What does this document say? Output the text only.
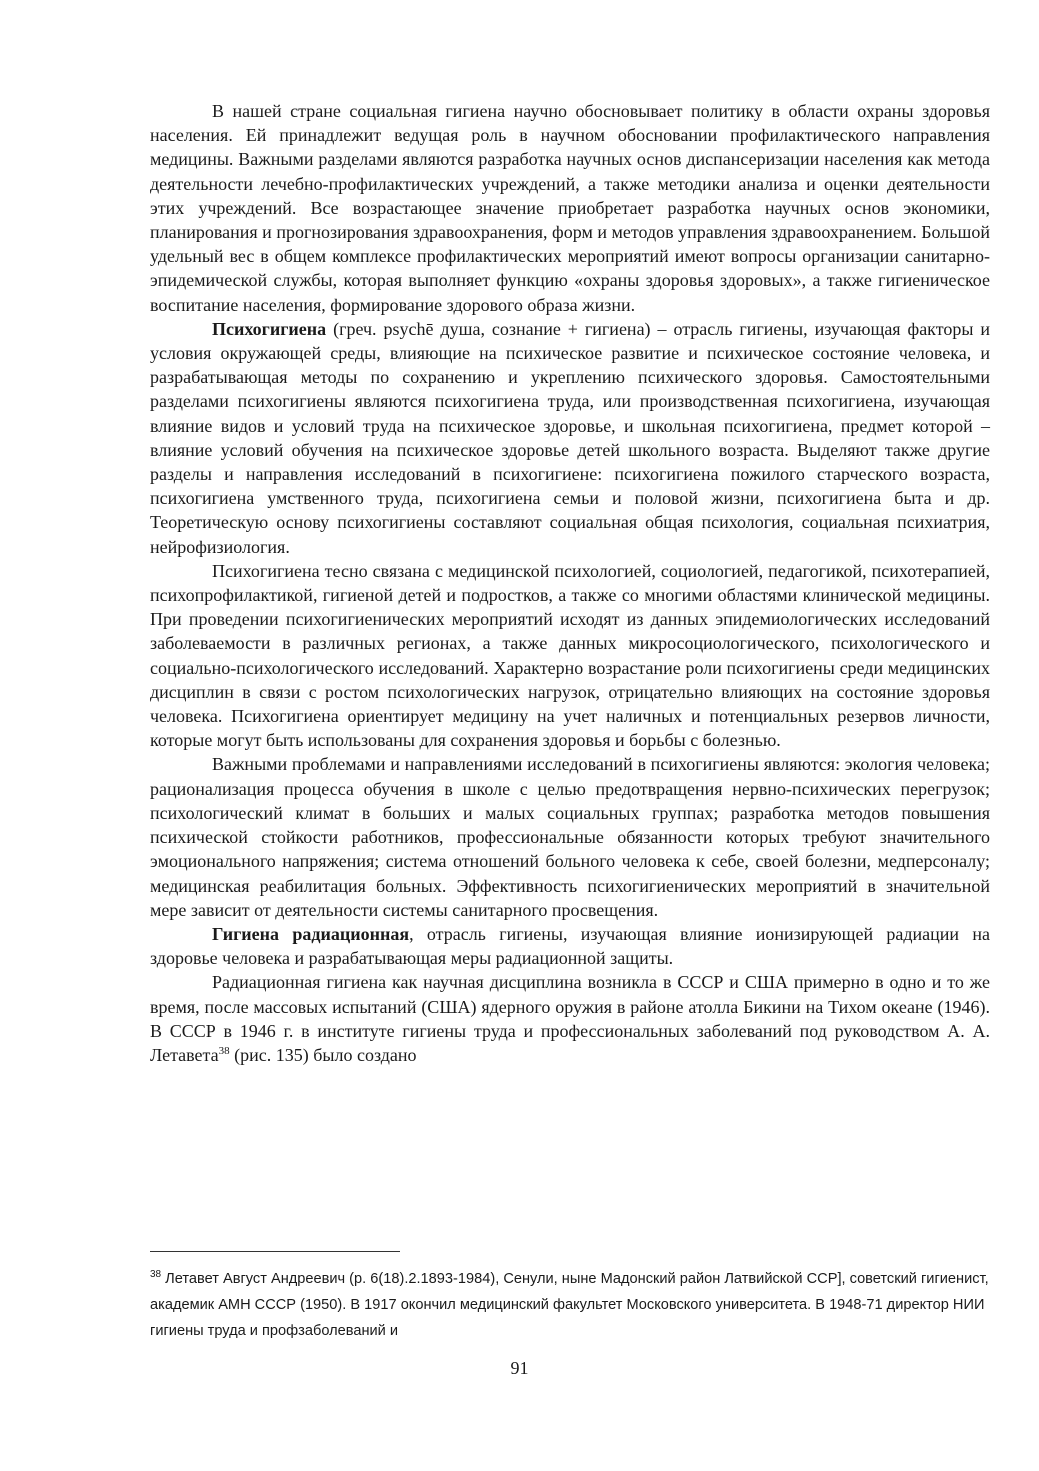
В нашей стране социальная гигиена научно обосновывает политику в области охраны здоровья населения. Ей принадлежит ведущая роль в научном обосновании профилактического направления медицины. Важными разделами являются разработка научных основ диспансеризации населения как метода деятельности лечебно-профилактических учреждений, а также методики анализа и оценки деятельности этих учреждений. Все возрастающее значение приобретает разработка научных основ экономики, планирования и прогнозирования здравоохранения, форм и методов управления здравоохранением. Большой удельный вес в общем комплексе профилактических мероприятий имеют вопросы организации санитарно-эпидемической службы, которая выполняет функцию «охраны здоровья здоровых», а также гигиеническое воспитание населения, формирование здорового образа жизни.

Психогигиена (греч. psychē душа, сознание + гигиена) – отрасль гигиены, изучающая факторы и условия окружающей среды, влияющие на психическое развитие и психическое состояние человека, и разрабатывающая методы по сохранению и укреплению психического здоровья. Самостоятельными разделами психогигиены являются психогигиена труда, или производственная психогигиена, изучающая влияние видов и условий труда на психическое здоровье, и школьная психогигиена, предмет которой – влияние условий обучения на психическое здоровье детей школьного возраста. Выделяют также другие разделы и направления исследований в психогигиене: психогигиена пожилого старческого возраста, психогигиена умственного труда, психогигиена семьи и половой жизни, психогигиена быта и др. Теоретическую основу психогигиены составляют социальная общая психология, социальная психиатрия, нейрофизиология.

Психогигиена тесно связана с медицинской психологией, социологией, педагогикой, психотерапией, психопрофилактикой, гигиеной детей и подростков, а также со многими областями клинической медицины. При проведении психогигиенических мероприятий исходят из данных эпидемиологических исследований заболеваемости в различных регионах, а также данных микросоциологического, психологического и социально-психологического исследований. Характерно возрастание роли психогигиены среди медицинских дисциплин в связи с ростом психологических нагрузок, отрицательно влияющих на состояние здоровья человека. Психогигиена ориентирует медицину на учет наличных и потенциальных резервов личности, которые могут быть использованы для сохранения здоровья и борьбы с болезнью.

Важными проблемами и направлениями исследований в психогигиены являются: экология человека; рационализация процесса обучения в школе с целью предотвращения нервно-психических перегрузок; психологический климат в больших и малых социальных группах; разработка методов повышения психической стойкости работников, профессиональные обязанности которых требуют значительного эмоционального напряжения; система отношений больного человека к себе, своей болезни, медперсоналу; медицинская реабилитация больных. Эффективность психогигиенических мероприятий в значительной мере зависит от деятельности системы санитарного просвещения.

Гигиена радиационная, отрасль гигиены, изучающая влияние ионизирующей радиации на здоровье человека и разрабатывающая меры радиационной защиты.

Радиационная гигиена как научная дисциплина возникла в СССР и США примерно в одно и то же время, после массовых испытаний (США) ядерного оружия в районе атолла Бикини на Тихом океане (1946). В СССР в 1946 г. в институте гигиены труда и профессиональных заболеваний под руководством А. А. Летавета$^{38}$ (рис. 135) было создано

$^{38}$ Летавет Август Андреевич (р. 6(18).2.1893-1984), Сенули, ныне Мадонский район Латвийской ССР], советский гигиенист, академик АМН СССР (1950). В 1917 окончил медицинский факультет Московского университета. В 1948-71 директор НИИ гигиены труда и профзаболеваний и

91
